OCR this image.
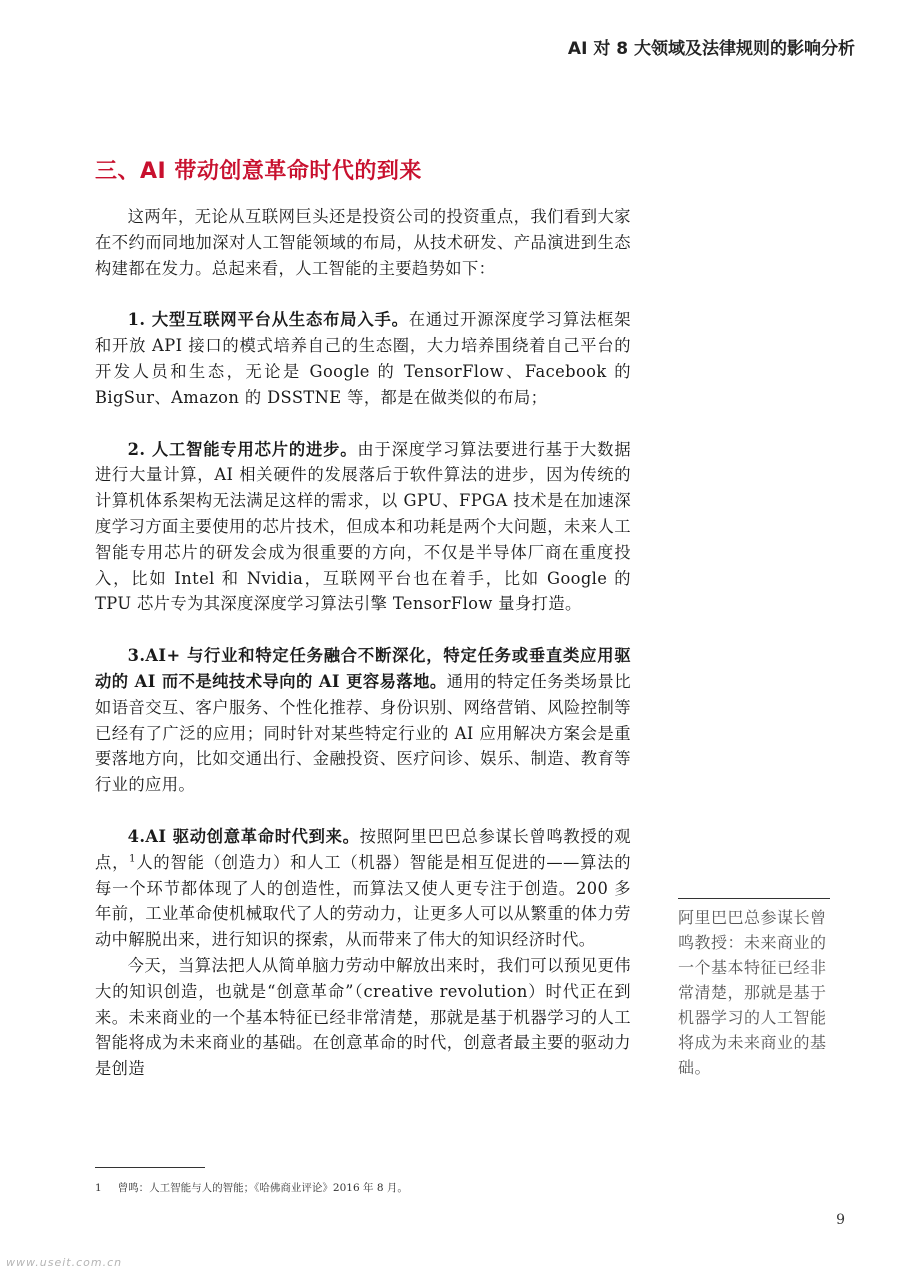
AI 对 8 大领域及法律规则的影响分析
三、AI 带动创意革命时代的到来

这两年，无论从互联网巨头还是投资公司的投资重点，我们看到大家在不约而同地加深对人工智能领域的布局，从技术研发、产品演进到生态构建都在发力。总起来看，人工智能的主要趋势如下：

1. 大型互联网平台从生态布局入手。在通过开源深度学习算法框架和开放 API 接口的模式培养自己的生态圈，大力培养围绕着自己平台的开发人员和生态，无论是 Google 的 TensorFlow、Facebook 的 BigSur、Amazon 的 DSSTNE 等，都是在做类似的布局；

2. 人工智能专用芯片的进步。由于深度学习算法要进行基于大数据进行大量计算，AI 相关硬件的发展落后于软件算法的进步，因为传统的计算机体系架构无法满足这样的需求，以 GPU、FPGA 技术是在加速深度学习方面主要使用的芯片技术，但成本和功耗是两个大问题，未来人工智能专用芯片的研发会成为很重要的方向，不仅是半导体厂商在重度投入，比如 Intel 和 Nvidia，互联网平台也在着手，比如 Google 的 TPU 芯片专为其深度深度学习算法引擎 TensorFlow 量身打造。

3.AI+ 与行业和特定任务融合不断深化，特定任务或垂直类应用驱动的 AI 而不是纯技术导向的 AI 更容易落地。通用的特定任务类场景比如语音交互、客户服务、个性化推荐、身份识别、网络营销、风险控制等已经有了广泛的应用；同时针对某些特定行业的 AI 应用解决方案会是重要落地方向，比如交通出行、金融投资、医疗问诊、娱乐、制造、教育等行业的应用。

4.AI 驱动创意革命时代到来。按照阿里巴巴总参谋长曾鸣教授的观点，$^1$人的智能（创造力）和人工（机器）智能是相互促进的——算法的每一个环节都体现了人的创造性，而算法又使人更专注于创造。200 多年前，工业革命使机械取代了人的劳动力，让更多人可以从繁重的体力劳动中解脱出来，进行知识的探索，从而带来了伟大的知识经济时代。

今天，当算法把人从简单脑力劳动中解放出来时，我们可以预见更伟大的知识创造，也就是“创意革命”（creative revolution）时代正在到来。未来商业的一个基本特征已经非常清楚，那就是基于机器学习的人工智能将成为未来商业的基础。在创意革命的时代，创意者最主要的驱动力是创造

阿里巴巴总参谋长曾鸣教授：未来商业的一个基本特征已经非常清楚，那就是基于机器学习的人工智能将成为未来商业的基础。
1 曾鸣：人工智能与人的智能；《哈佛商业评论》2016 年 8 月。
9
www.useit.com.cn
